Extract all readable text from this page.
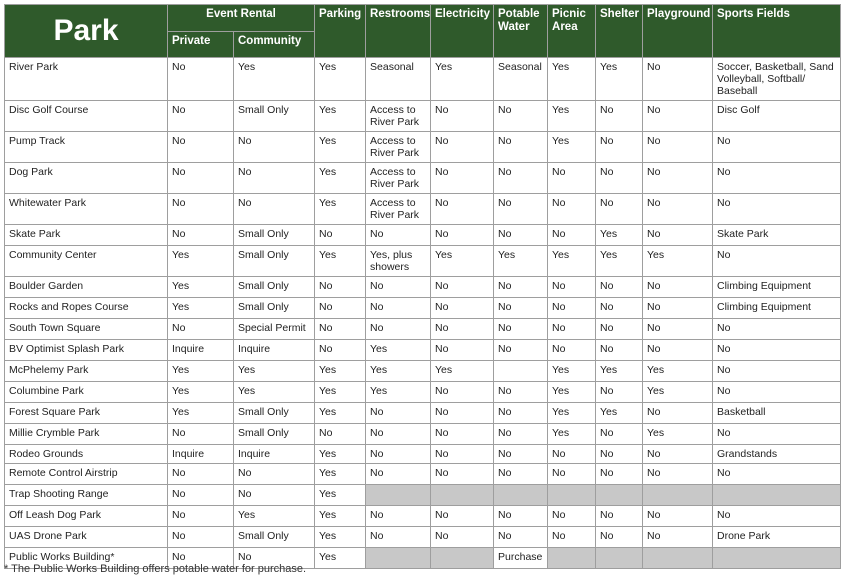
Park	Event Rental		Parking	Restrooms	Electricity	Potable Water	Picnic Area	Shelter	Playground	Sports Fields
	Private	Community								
River Park	No	Yes	Yes	Seasonal	Yes	Seasonal	Yes	Yes	No	Soccer, Basketball, Sand Volleyball, Softball/ Baseball
Disc Golf Course	No	Small Only	Yes	Access to River Park	No	No	Yes	No	No	Disc Golf
Pump Track	No	No	Yes	Access to River Park	No	No	Yes	No	No	No
Dog Park	No	No	Yes	Access to River Park	No	No	No	No	No	No
Whitewater Park	No	No	Yes	Access to River Park	No	No	No	No	No	No
Skate Park	No	Small Only	No	No	No	No	No	Yes	No	Skate Park
Community Center	Yes	Small Only	Yes	Yes, plus showers	Yes	Yes	Yes	Yes	Yes	No
Boulder Garden	Yes	Small Only	No	No	No	No	No	No	No	Climbing Equipment
Rocks and Ropes Course	Yes	Small Only	No	No	No	No	No	No	No	Climbing Equipment
South Town Square	No	Special Permit	No	No	No	No	No	No	No	No
BV Optimist Splash Park	Inquire	Inquire	No	Yes	No	No	No	No	No	No
McPhelemy Park	Yes	Yes	Yes	Yes	Yes		Yes	Yes	Yes	No
Columbine Park	Yes	Yes	Yes	Yes	No	No	Yes	No	Yes	No
Forest Square Park	Yes	Small Only	Yes	No	No	No	Yes	Yes	No	Basketball
Millie Crymble Park	No	Small Only	No	No	No	No	Yes	No	Yes	No
Rodeo Grounds	Inquire	Inquire	Yes	No	No	No	No	No	No	Grandstands
Remote Control Airstrip	No	No	Yes	No	No	No	No	No	No	No
Trap Shooting Range	No	No	Yes							
Off Leash Dog Park	No	Yes	Yes	No	No	No	No	No	No	No
UAS Drone Park	No	Small Only	Yes	No	No	No	No	No	No	Drone Park
Public Works Building*	No	No	Yes			Purchase				
* The Public Works Building offers potable water for purchase.
